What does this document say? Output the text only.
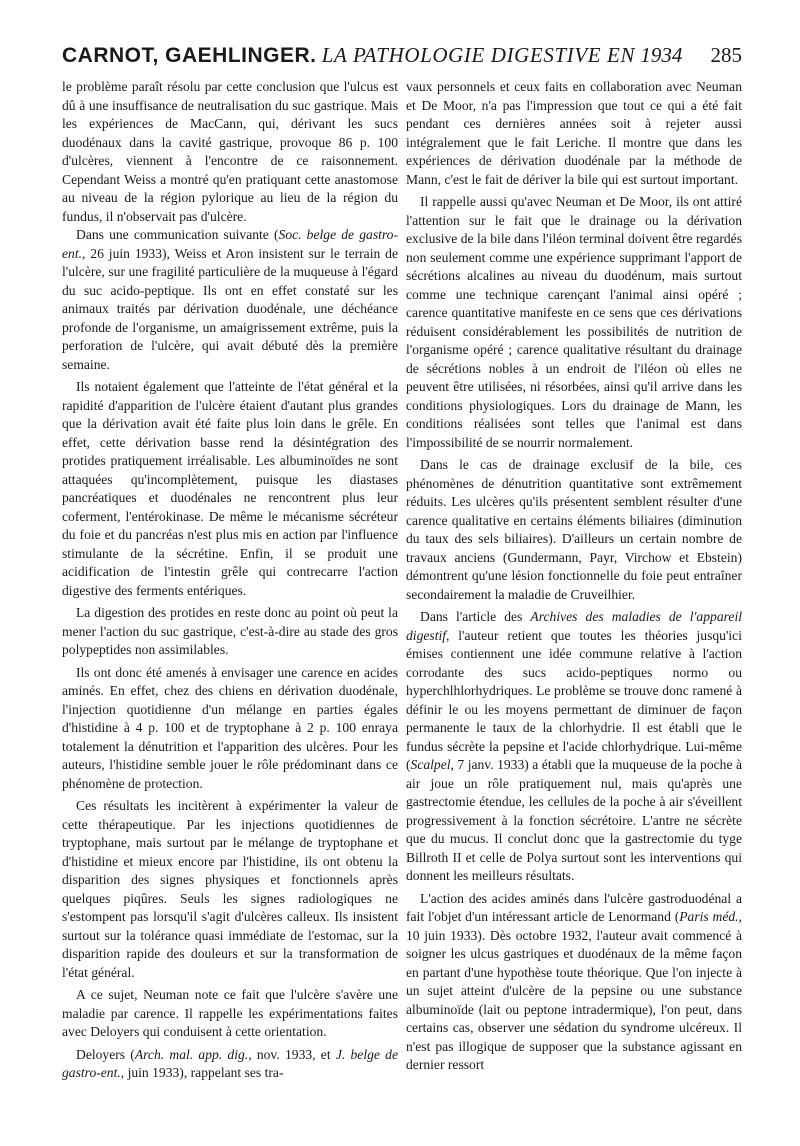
CARNOT, GAEHLINGER. LA PATHOLOGIE DIGESTIVE EN 1934 285

le problème paraît résolu par cette conclusion que l'ulcus est dû à une insuffisance de neutralisation du suc gastrique. Mais les expériences de MacCann, qui, dérivant les sucs duodénaux dans la cavité gastrique, provoque 86 p. 100 d'ulcères, viennent à l'encontre de ce raisonnement. Cependant Weiss a montré qu'en pratiquant cette anastomose au niveau de la région pylorique au lieu de la région du fundus, il n'observait pas d'ulcère.

Dans une communication suivante (Soc. belge de gastro-ent., 26 juin 1933), Weiss et Aron insistent sur le terrain de l'ulcère, sur une fragilité particulière de la muqueuse à l'égard du suc acido-peptique. Ils ont en effet constaté sur les animaux traités par dérivation duodénale, une déchéance profonde de l'organisme, un amaigrissement extrême, puis la perforation de l'ulcère, qui avait débuté dès la première semaine.

Ils notaient également que l'atteinte de l'état général et la rapidité d'apparition de l'ulcère étaient d'autant plus grandes que la dérivation avait été faite plus loin dans le grêle. En effet, cette dérivation basse rend la désintégration des protides pratiquement irréalisable. Les albuminoïdes ne sont attaquées qu'incomplètement, puisque les diastases pancréatiques et duodénales ne rencontrent plus leur coferment, l'entérokinase. De même le mécanisme sécréteur du foie et du pancréas n'est plus mis en action par l'influence stimulante de la sécrétine. Enfin, il se produit une acidification de l'intestin grêle qui contrecarre l'action digestive des ferments entériques.

La digestion des protides en reste donc au point où peut la mener l'action du suc gastrique, c'est-à-dire au stade des gros polypeptides non assimilables.

Ils ont donc été amenés à envisager une carence en acides aminés. En effet, chez des chiens en dérivation duodénale, l'injection quotidienne d'un mélange en parties égales d'histidine à 4 p. 100 et de tryptophane à 2 p. 100 enraya totalement la dénutrition et l'apparition des ulcères. Pour les auteurs, l'histidine semble jouer le rôle prédominant dans ce phénomène de protection.

Ces résultats les incitèrent à expérimenter la valeur de cette thérapeutique. Par les injections quotidiennes de tryptophane, mais surtout par le mélange de tryptophane et d'histidine et mieux encore par l'histidine, ils ont obtenu la disparition des signes physiques et fonctionnels après quelques piqûres. Seuls les signes radiologiques ne s'estompent pas lorsqu'il s'agit d'ulcères calleux. Ils insistent surtout sur la tolérance quasi immédiate de l'estomac, sur la disparition rapide des douleurs et sur la transformation de l'état général.

A ce sujet, Neuman note ce fait que l'ulcère s'avère une maladie par carence. Il rappelle les expérimentations faites avec Deloyers qui conduisent à cette orientation.

Deloyers (Arch. mal. app. dig., nov. 1933, et J. belge de gastro-ent., juin 1933), rappelant ses tra-

vaux personnels et ceux faits en collaboration avec Neuman et De Moor, n'a pas l'impression que tout ce qui a été fait pendant ces dernières années soit à rejeter aussi intégralement que le fait Leriche. Il montre que dans les expériences de dérivation duodénale par la méthode de Mann, c'est le fait de dériver la bile qui est surtout important.

Il rappelle aussi qu'avec Neuman et De Moor, ils ont attiré l'attention sur le fait que le drainage ou la dérivation exclusive de la bile dans l'iléon terminal doivent être regardés non seulement comme une expérience supprimant l'apport de sécrétions alcalines au niveau du duodénum, mais surtout comme une technique carençant l'animal ainsi opéré ; carence quantitative manifeste en ce sens que ces dérivations réduisent considérablement les possibilités de nutrition de l'organisme opéré ; carence qualitative résultant du drainage de sécrétions nobles à un endroit de l'iléon où elles ne peuvent être utilisées, ni résorbées, ainsi qu'il arrive dans les conditions physiologiques. Lors du drainage de Mann, les conditions réalisées sont telles que l'animal est dans l'impossibilité de se nourrir normalement.

Dans le cas de drainage exclusif de la bile, ces phénomènes de dénutrition quantitative sont extrêmement réduits. Les ulcères qu'ils présentent semblent résulter d'une carence qualitative en certains éléments biliaires (diminution du taux des sels biliaires). D'ailleurs un certain nombre de travaux anciens (Gundermann, Payr, Virchow et Ebstein) démontrent qu'une lésion fonctionnelle du foie peut entraîner secondairement la maladie de Cruveilhier.

Dans l'article des Archives des maladies de l'appareil digestif, l'auteur retient que toutes les théories jusqu'ici émises contiennent une idée commune relative à l'action corrodante des sucs acido-peptiques normo ou hyperchlhlorhydriques. Le problème se trouve donc ramené à définir le ou les moyens permettant de diminuer de façon permanente le taux de la chlorhydrie. Il est établi que le fundus sécrète la pepsine et l'acide chlorhydrique. Lui-même (Scalpel, 7 janv. 1933) a établi que la muqueuse de la poche à air joue un rôle pratiquement nul, mais qu'après une gastrectomie étendue, les cellules de la poche à air s'éveillent progressivement à la fonction sécrétoire. L'antre ne sécrète que du mucus. Il conclut donc que la gastrectomie du tyge Billroth II et celle de Polya surtout sont les interventions qui donnent les meilleurs résultats.

L'action des acides aminés dans l'ulcère gastroduodénal a fait l'objet d'un intéressant article de Lenormand (Paris méd., 10 juin 1933). Dès octobre 1932, l'auteur avait commencé à soigner les ulcus gastriques et duodénaux de la même façon en partant d'une hypothèse toute théorique. Que l'on injecte à un sujet atteint d'ulcère de la pepsine ou une substance albuminoïde (lait ou peptone intradermique), l'on peut, dans certains cas, observer une sédation du syndrome ulcéreux. Il n'est pas illogique de supposer que la substance agissant en dernier ressort
